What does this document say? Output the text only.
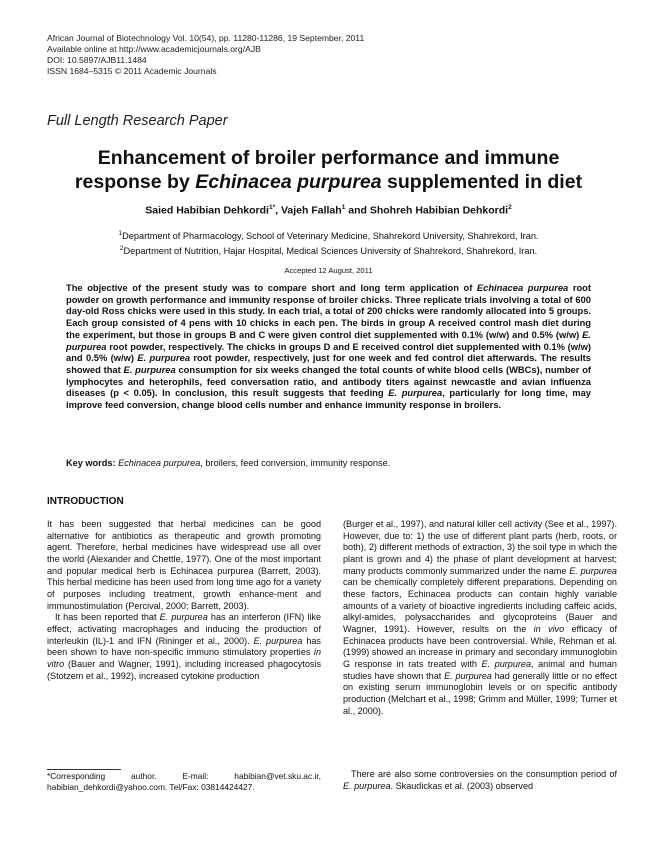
African Journal of Biotechnology Vol. 10(54), pp. 11280-11286, 19 September, 2011
Available online at http://www.academicjournals.org/AJB
DOI: 10.5897/AJB11.1484
ISSN 1684–5315 © 2011 Academic Journals
Full Length Research Paper
Enhancement of broiler performance and immune
response by Echinacea purpurea supplemented in diet
Saied Habibian Dehkordi$^{1*}$, Vajeh Fallah$^1$ and Shohreh Habibian Dehkordi$^2$
$^1$Department of Pharmacology, School of Veterinary Medicine, Shahrekord University, Shahrekord, Iran.
$^2$Department of Nutrition, Hajar Hospital, Medical Sciences University of Shahrekord, Shahrekord, Iran.
Accepted 12 August, 2011
The objective of the present study was to compare short and long term application of Echinacea purpurea root powder on growth performance and immunity response of broiler chicks. Three replicate trials involving a total of 600 day-old Ross chicks were used in this study. In each trial, a total of 200 chicks were randomly allocated into 5 groups. Each group consisted of 4 pens with 10 chicks in each pen. The birds in group A received control mash diet during the experiment, but those in groups B and C were given control diet supplemented with 0.1% (w/w) and 0.5% (w/w) E. purpurea root powder, respectively. The chicks in groups D and E received control diet supplemented with 0.1% (w/w) and 0.5% (w/w) E. purpurea root powder, respectively, just for one week and fed control diet afterwards. The results showed that E. purpurea consumption for six weeks changed the total counts of white blood cells (WBCs), number of lymphocytes and heterophils, feed conversation ratio, and antibody titers against newcastle and avian influenza diseases (p < 0.05). In conclusion, this result suggests that feeding E. purpurea, particularly for long time, may improve feed conversion, change blood cells number and enhance immunity response in broilers.
Key words: Echinacea purpurea, broilers, feed conversion, immunity response.
INTRODUCTION

It has been suggested that herbal medicines can be good alternative for antibiotics as therapeutic and growth promoting agent. Therefore, herbal medicines have widespread use all over the world (Alexander and Chettle, 1977). One of the most important and popular medical herb is Echinacea purpurea (Barrett, 2003). This herbal medicine has been used from long time ago for a variety of purposes including treatment, growth enhance-ment and immunostimulation (Percival, 2000; Barrett, 2003).

It has been reported that E. purpurea has an interferon (IFN) like effect, activating macrophages and inducing the production of interleukin (IL)-1 and IFN (Rininger et al., 2000). E. purpurea has been shown to have non-specific immuno stimulatory properties in vitro (Bauer and Wagner, 1991), including increased phagocytosis (Stotzem et al., 1992), increased cytokine production

*Corresponding author. E-mail: habibian@vet.sku.ac.ir, habibian_dehkordi@yahoo.com. Tel/Fax: 03814424427.

(Burger et al., 1997), and natural killer cell activity (See et al., 1997). However, due to: 1) the use of different plant parts (herb, roots, or both), 2) different methods of extraction, 3) the soil type in which the plant is grown and 4) the phase of plant development at harvest; many products commonly summarized under the name E. purpurea can be chemically completely different preparations. Depending on these factors, Echinacea products can contain highly variable amounts of a variety of bioactive ingredients including caffeic acids, alkyl-amides, polysaccharides and glycoproteins (Bauer and Wagner, 1991). However, results on the in vivo efficacy of Echinacea products have been controversial. While, Rehman et al. (1999) showed an increase in primary and secondary immunoglobin G response in rats treated with E. purpurea, animal and human studies have shown that E. purpurea had generally little or no effect on existing serum immunoglobin levels or on specific antibody production (Melchart et al., 1998; Grimm and Müller, 1999; Turner et al., 2000).

There are also some controversies on the consumption period of E. purpurea. Skaudickas et al. (2003) observed
